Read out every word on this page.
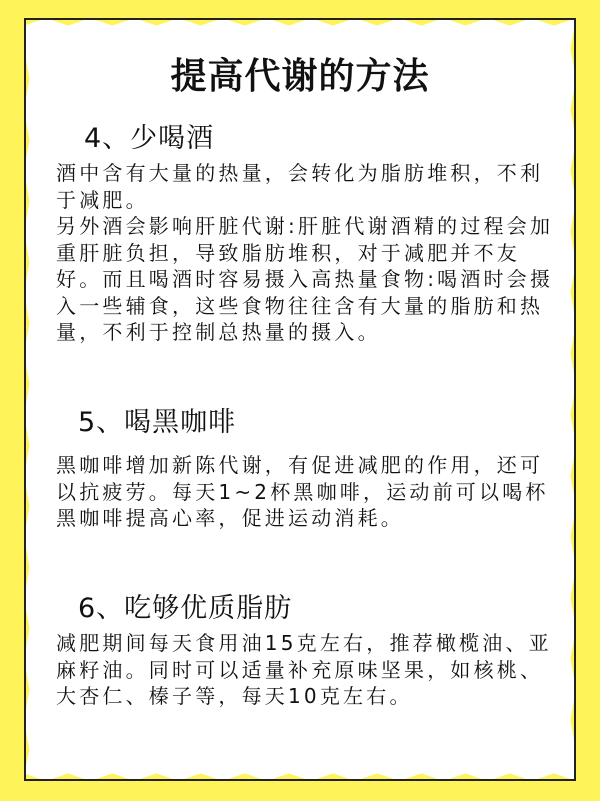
提高代谢的方法
4、少喝酒

酒中含有大量的热量，会转化为脂肪堆积，不利于减肥。
另外酒会影响肝脏代谢:肝脏代谢酒精的过程会加重肝脏负担，导致脂肪堆积，对于减肥并不友好。而且喝酒时容易摄入高热量食物:喝酒时会摄入一些辅食，这些食物往往含有大量的脂肪和热量，不利于控制总热量的摄入。

5、喝黑咖啡

黑咖啡增加新陈代谢，有促进减肥的作用，还可以抗疲劳。每天1~2杯黑咖啡，运动前可以喝杯黑咖啡提高心率，促进运动消耗。

6、吃够优质脂肪

减肥期间每天食用油15克左右，推荐橄榄油、亚麻籽油。同时可以适量补充原味坚果，如核桃、大杏仁、榛子等，每天10克左右。
